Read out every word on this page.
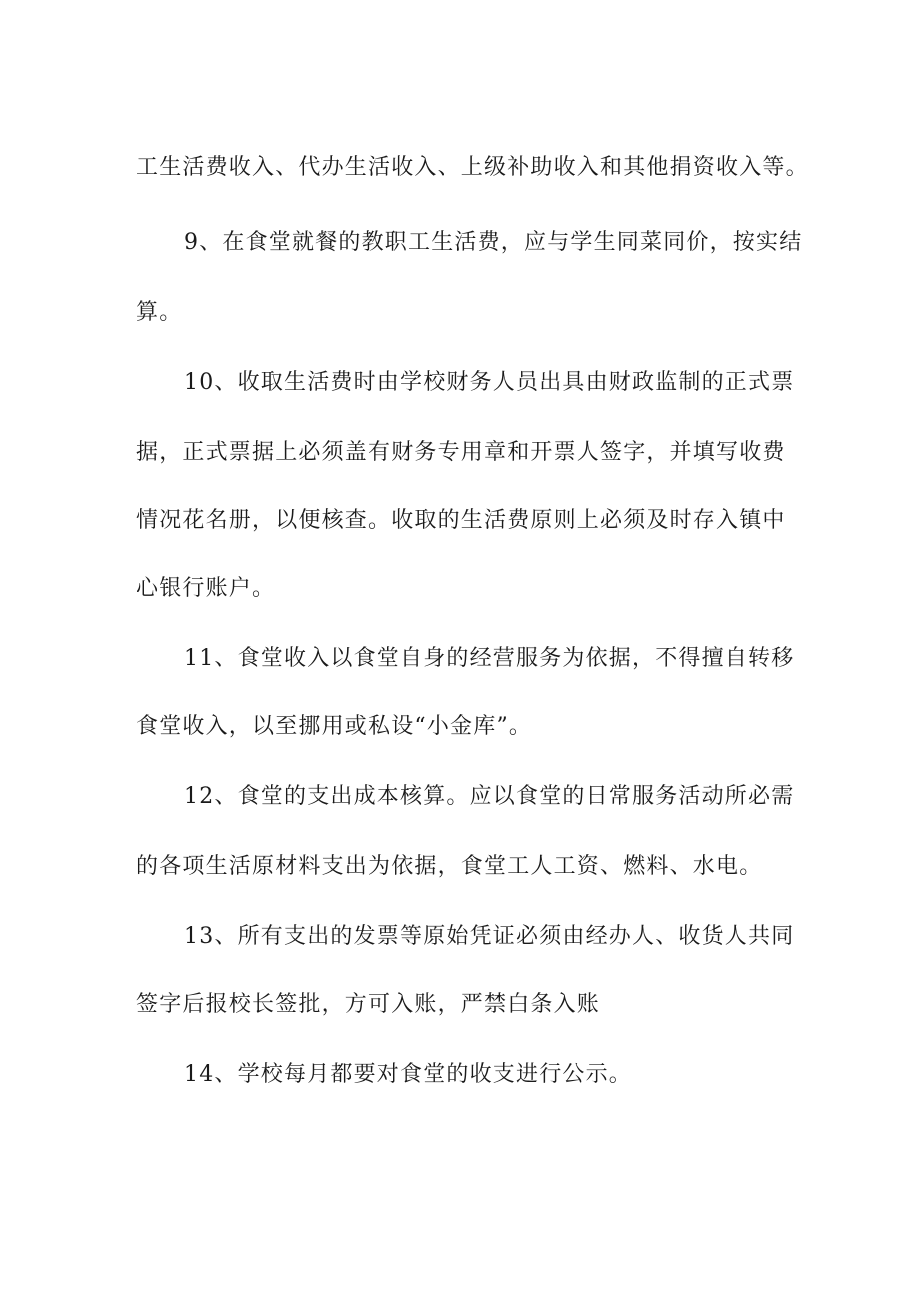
工生活费收入、代办生活收入、上级补助收入和其他捐资收入等。
9、在食堂就餐的教职工生活费，应与学生同菜同价，按实结
算。
10、收取生活费时由学校财务人员出具由财政监制的正式票
据，正式票据上必须盖有财务专用章和开票人签字，并填写收费
情况花名册，以便核查。收取的生活费原则上必须及时存入镇中
心银行账户。
11、食堂收入以食堂自身的经营服务为依据，不得擅自转移
食堂收入，以至挪用或私设“小金库”。
12、食堂的支出成本核算。应以食堂的日常服务活动所必需
的各项生活原材料支出为依据，食堂工人工资、燃料、水电。
13、所有支出的发票等原始凭证必须由经办人、收货人共同
签字后报校长签批，方可入账，严禁白条入账
14、学校每月都要对食堂的收支进行公示。
